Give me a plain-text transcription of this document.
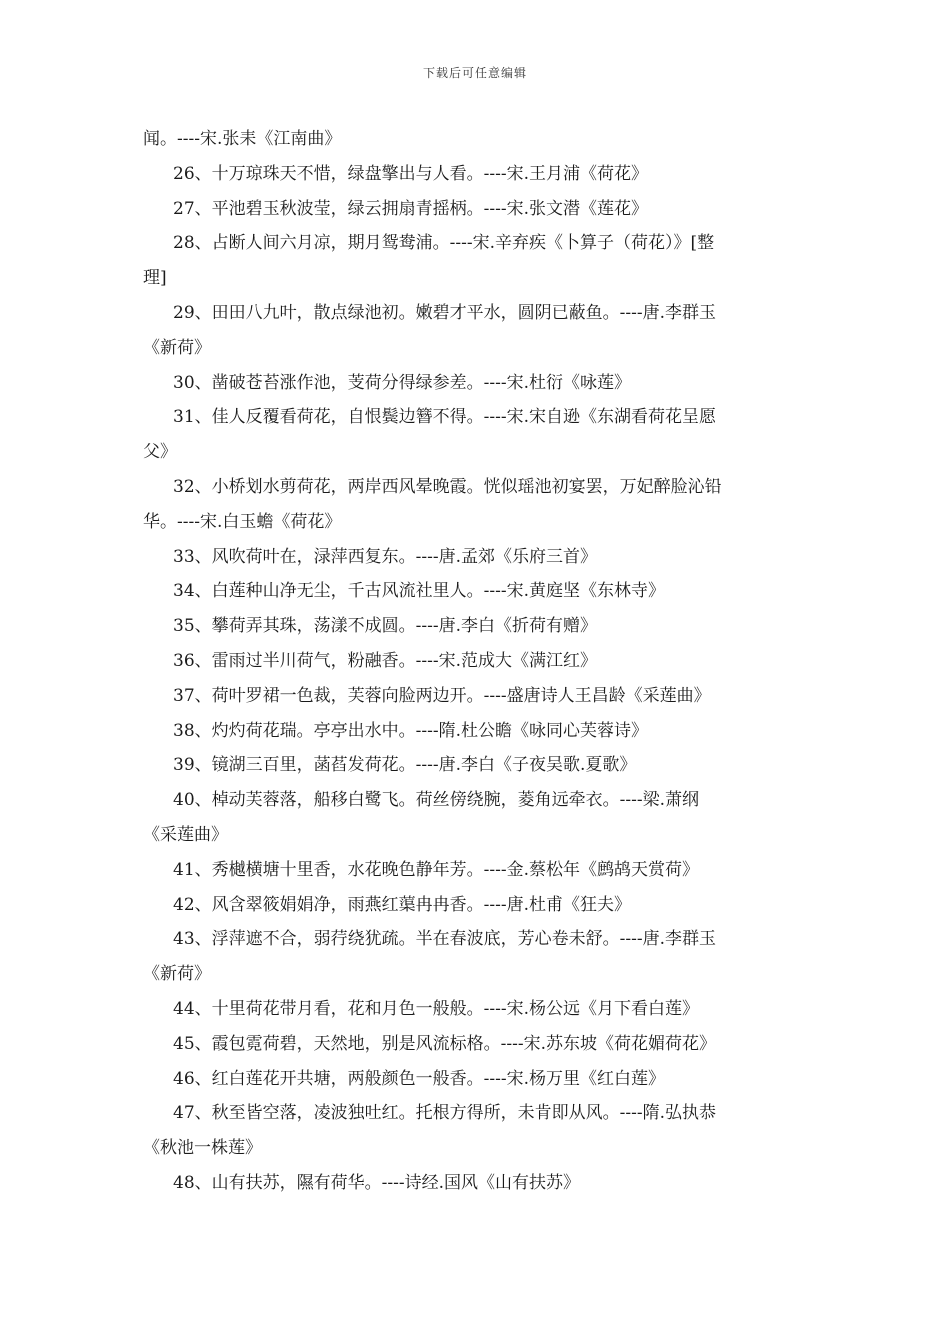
下载后可任意编辑
闻。----宋.张耒《江南曲》
26、十万琼珠天不惜，绿盘擎出与人看。----宋.王月浦《荷花》
27、平池碧玉秋波莹，绿云拥扇青摇柄。----宋.张文潜《莲花》
28、占断人间六月凉，期月鸳鸯浦。----宋.辛弃疾《卜算子（荷花）》[整
理]
29、田田八九叶，散点绿池初。嫩碧才平水，圆阴已蔽鱼。----唐.李群玉
《新荷》
30、凿破苍苔涨作池，芰荷分得绿参差。----宋.杜衍《咏莲》
31、佳人反覆看荷花，自恨鬓边簪不得。----宋.宋自逊《东湖看荷花呈愿
父》
32、小桥划水剪荷花，两岸西风晕晚霞。恍似瑶池初宴罢，万妃醉脸沁铅
华。----宋.白玉蟾《荷花》
33、风吹荷叶在，渌萍西复东。----唐.孟郊《乐府三首》
34、白莲种山净无尘，千古风流社里人。----宋.黄庭坚《东林寺》
35、攀荷弄其珠，荡漾不成圆。----唐.李白《折荷有赠》
36、雷雨过半川荷气，粉融香。----宋.范成大《满江红》
37、荷叶罗裙一色裁，芙蓉向脸两边开。----盛唐诗人王昌龄《采莲曲》
38、灼灼荷花瑞。亭亭出水中。----隋.杜公瞻《咏同心芙蓉诗》
39、镜湖三百里，菡萏发荷花。----唐.李白《子夜吴歌.夏歌》
40、棹动芙蓉落，船移白鹭飞。荷丝傍绕腕，菱角远牵衣。----梁.萧纲
《采莲曲》
41、秀樾横塘十里香，水花晚色静年芳。----金.蔡松年《鹧鸪天赏荷》
42、风含翠筱娟娟净，雨燕红蕖冉冉香。----唐.杜甫《狂夫》
43、浮萍遮不合，弱荇绕犹疏。半在春波底，芳心卷未舒。----唐.李群玉
《新荷》
44、十里荷花带月看，花和月色一般般。----宋.杨公远《月下看白莲》
45、霞包霓荷碧，天然地，别是风流标格。----宋.苏东坡《荷花媚荷花》
46、红白莲花开共塘，两般颜色一般香。----宋.杨万里《红白莲》
47、秋至皆空落，凌波独吐红。托根方得所，未肯即从风。----隋.弘执恭
《秋池一株莲》
48、山有扶苏，隰有荷华。----诗经.国风《山有扶苏》
